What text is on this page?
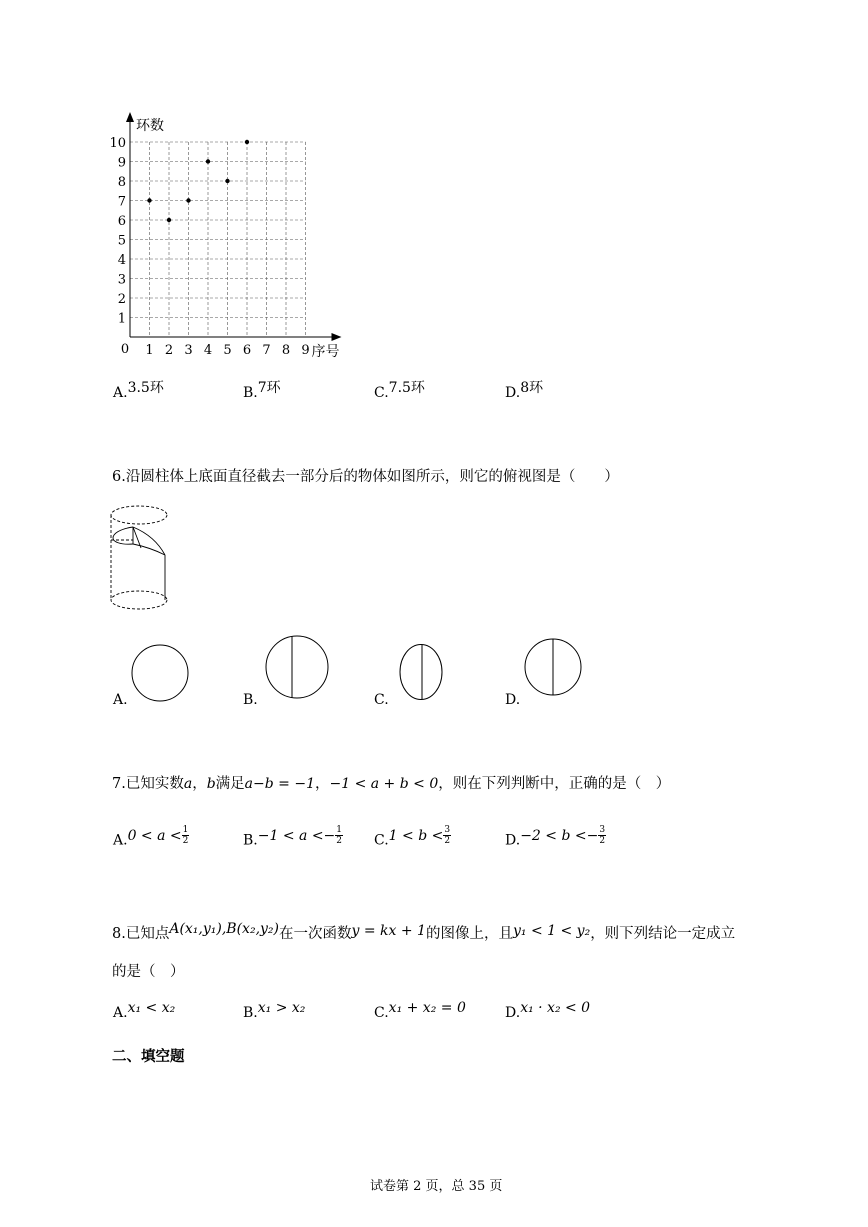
1 2 3 4 5 6 7 8 9
1
2
3
4
5
6
7
8
9
10
环数
序号
0
A.3.5环	B.7环	C.7.5环	D.8环
6.沿圆柱体上底面直径截去一部分后的物体如图所示，则它的俯视图是（　　）
A.	B.	C.	D.
7.已知实数a，b满足a−b = −1，−1 < a + b < 0，则在下列判断中，正确的是（　）
$A.0 < a < \frac{1}{2}$	$B.-1 < a <- \frac{1}{2} C.1 < b < \frac{3}{2}$	$D.-2 < b <- \frac{3}{2}$
8.已知点A(x₁,y₁),B(x₂,y₂)在一次函数y = kx + 1的图像上，且y₁ < 1 < y₂，则下列结论一定成立
的是（　）
A.x₁ < x₂	B.x₁ > x₂	C.x₁ + x₂ = 0	D.x₁ · x₂ < 0
二、填空题
试卷第 2 页，总 35 页
